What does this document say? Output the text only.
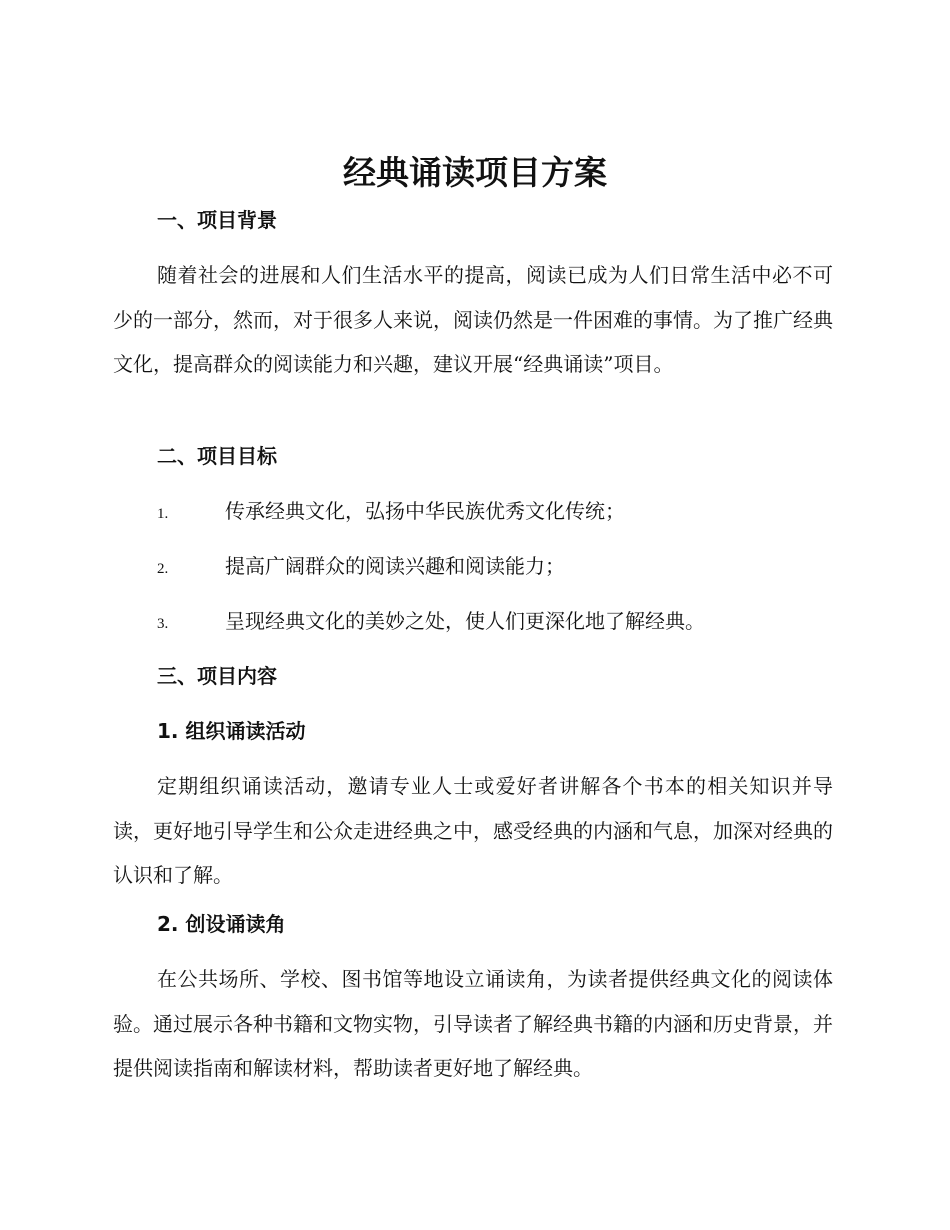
经典诵读项目方案
一、项目背景

随着社会的进展和人们生活水平的提高，阅读已成为人们日常生活中必不可少的一部分，然而，对于很多人来说，阅读仍然是一件困难的事情。为了推广经典文化，提高群众的阅读能力和兴趣，建议开展“经典诵读”项目。

二、项目目标
1.	传承经典文化，弘扬中华民族优秀文化传统；
2.	提高广阔群众的阅读兴趣和阅读能力；
3.	呈现经典文化的美妙之处，使人们更深化地了解经典。
三、项目内容
1. 组织诵读活动

定期组织诵读活动，邀请专业人士或爱好者讲解各个书本的相关知识并导读，更好地引导学生和公众走进经典之中，感受经典的内涵和气息，加深对经典的认识和了解。

2. 创设诵读角

在公共场所、学校、图书馆等地设立诵读角，为读者提供经典文化的阅读体验。通过展示各种书籍和文物实物，引导读者了解经典书籍的内涵和历史背景，并提供阅读指南和解读材料，帮助读者更好地了解经典。
